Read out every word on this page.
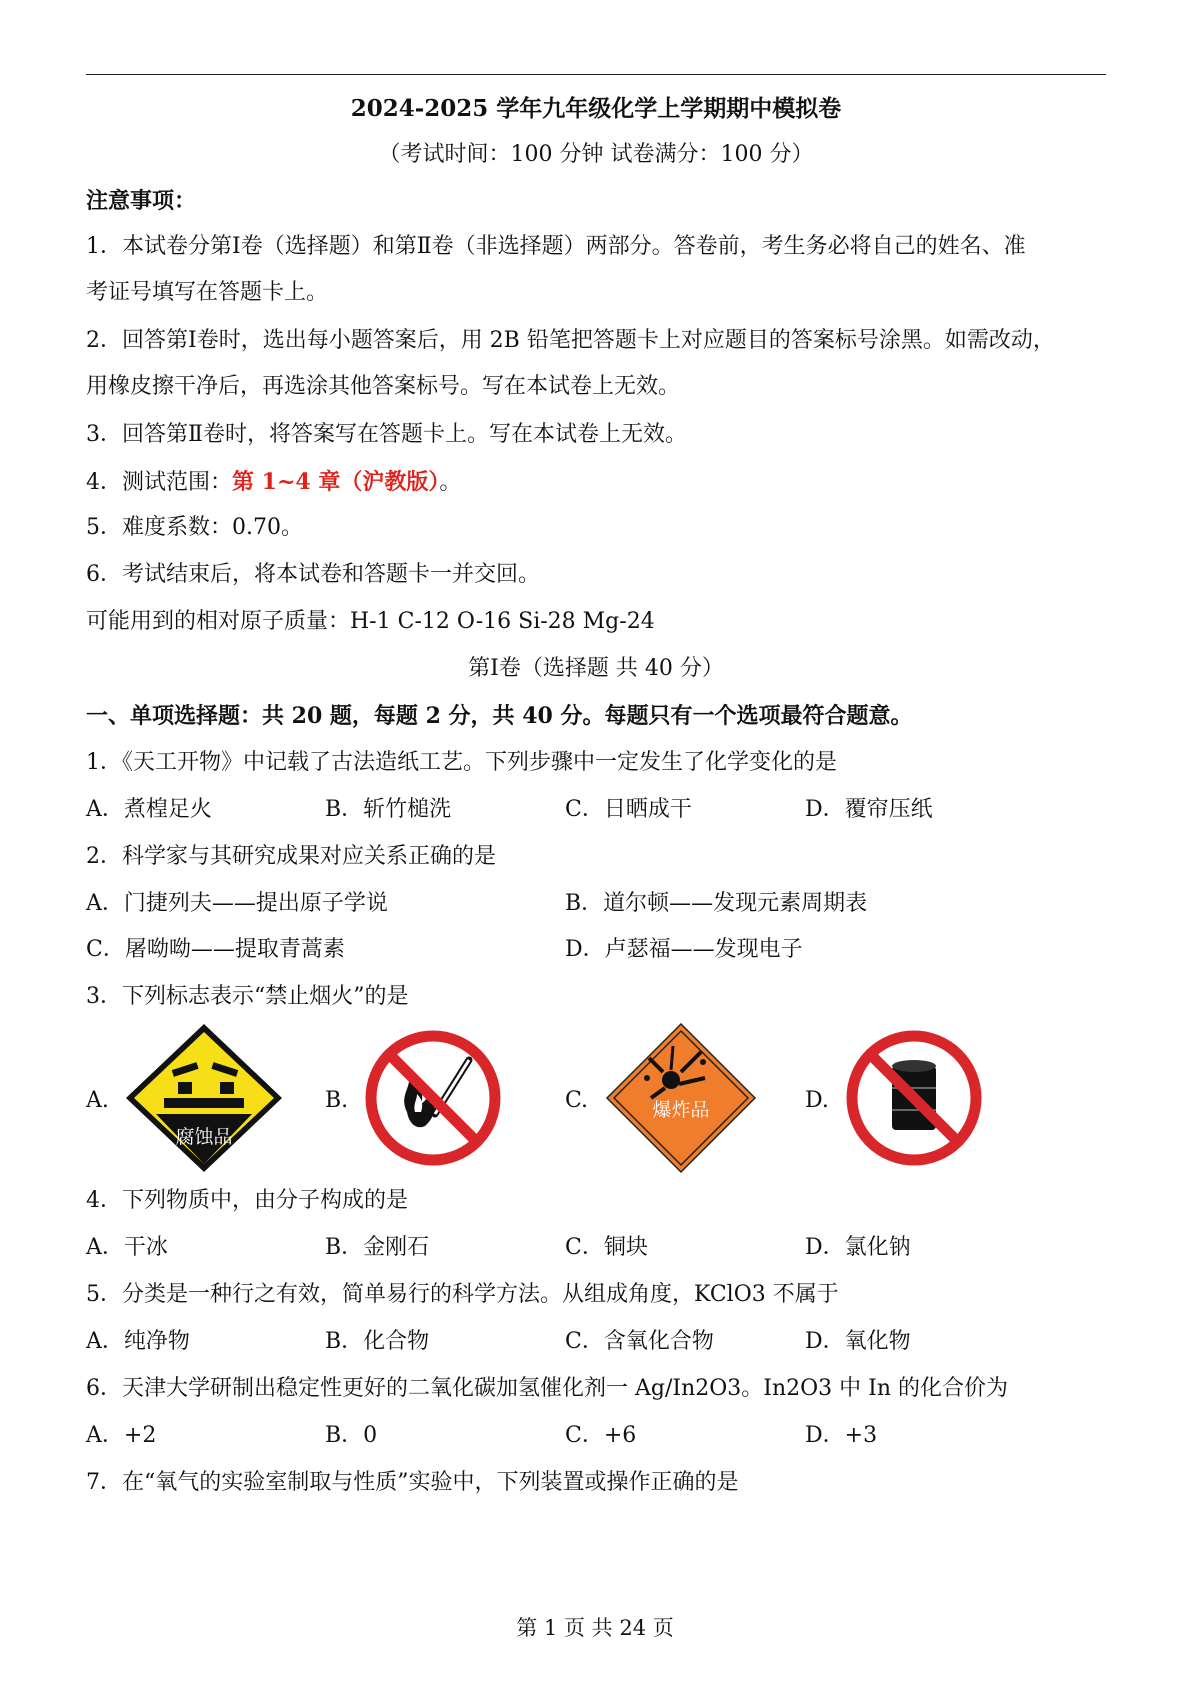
2024-2025 学年九年级化学上学期期中模拟卷
（考试时间：100 分钟 试卷满分：100 分）
注意事项：
1．本试卷分第Ⅰ卷（选择题）和第Ⅱ卷（非选择题）两部分。答卷前，考生务必将自己的姓名、准
考证号填写在答题卡上。
2．回答第Ⅰ卷时，选出每小题答案后，用 2B 铅笔把答题卡上对应题目的答案标号涂黑。如需改动，
用橡皮擦干净后，再选涂其他答案标号。写在本试卷上无效。
3．回答第Ⅱ卷时，将答案写在答题卡上。写在本试卷上无效。
4．测试范围：第 1~4 章（沪教版）。
5．难度系数：0.70。
6．考试结束后，将本试卷和答题卡一并交回。
可能用到的相对原子质量：H-1 C-12 O-16 Si-28 Mg-24
第Ⅰ卷（选择题 共 40 分）
一、单项选择题：共 20 题，每题 2 分，共 40 分。每题只有一个选项最符合题意。
1．《天工开物》中记载了古法造纸工艺。下列步骤中一定发生了化学变化的是
A．煮楻足火	B．斩竹槌洗	C．日晒成干	D．覆帘压纸
2．科学家与其研究成果对应关系正确的是
A．门捷列夫——提出原子学说	B．道尔顿——发现元素周期表
C．屠呦呦——提取青蒿素	D．卢瑟福——发现电子
3．下列标志表示“禁止烟火”的是
A.	B.	C.	D.
腐蚀品
爆炸品
4．下列物质中，由分子构成的是
A．干冰	B．金刚石	C．铜块	D．氯化钠
5．分类是一种行之有效，简单易行的科学方法。从组成角度，KClO3 不属于
A．纯净物	B．化合物	C．含氧化合物	D．氧化物
6．天津大学研制出稳定性更好的二氧化碳加氢催化剂一 Ag/In2O3。In2O3 中 In 的化合价为
A．+2	B．0	C．+6	D．+3
7．在“氧气的实验室制取与性质”实验中，下列装置或操作正确的是
第 1 页 共 24 页
